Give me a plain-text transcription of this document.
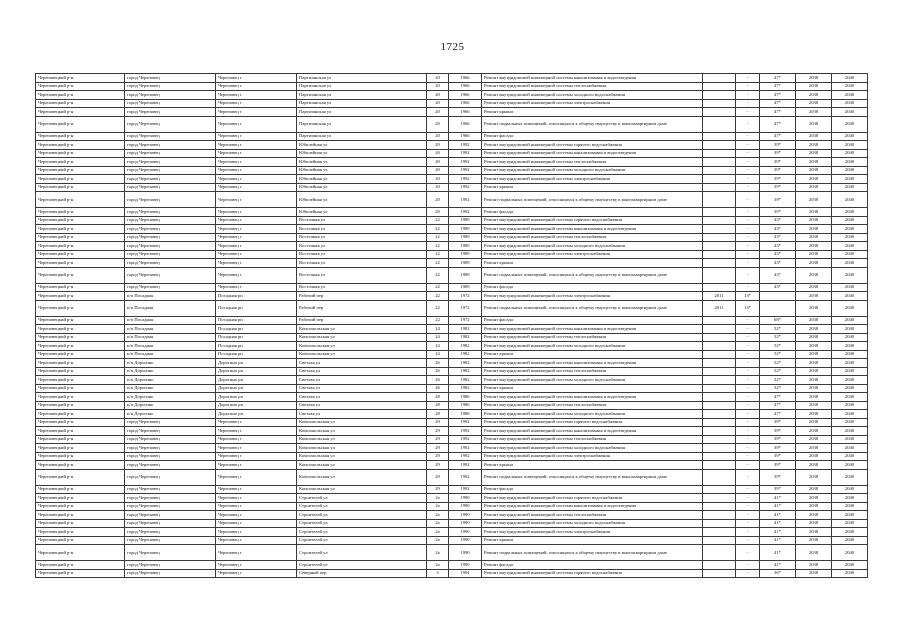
1725
Череповецкий р-н	город Череповец	Череповец г	Партизанская ул	20	1966	Ремонт внутридомовой инженерной системы канализования и водоотведения		-	47*	2038	2040
Череповецкий р-н	город Череповец	Череповец г	Партизанская ул	20	1966	Ремонт внутридомовой инженерной системы теплоснабжения		-	47*	2038	2040
Череповецкий р-н	город Череповец	Череповец г	Партизанская ул	20	1966	Ремонт внутридомовой инженерной системы холодного водоснабжения		-	47*	2038	2040
Череповецкий р-н	город Череповец	Череповец г	Партизанская ул	20	1966	Ремонт внутридомовой инженерной системы электроснабжения		-	47*	2038	2040
Череповецкий р-н	город Череповец	Череповец г	Партизанская ул	20	1966	Ремонт крыши		-	47*	2038	2040
Череповецкий р-н	город Череповец	Череповец г	Партизанская ул	20	1966	Ремонт подвальных помещений, относящихся к общему имуществу в многоквартирном доме		-	47*	2038	2040
Череповецкий р-н	город Череповец	Череповец г	Партизанская ул	20	1966	Ремонт фасада		-	47*	2038	2040
Череповецкий р-н	город Череповец	Череповец г	Юбилейная ул	20	1992	Ремонт внутридомовой инженерной системы горячего водоснабжения		-	39*	2038	2040
Череповецкий р-н	город Череповец	Череповец г	Юбилейная ул	20	1992	Ремонт внутридомовой инженерной системы канализования и водоотведения		-	39*	2038	2040
Череповецкий р-н	город Череповец	Череповец г	Юбилейная ул	20	1992	Ремонт внутридомовой инженерной системы теплоснабжения		-	39*	2038	2040
Череповецкий р-н	город Череповец	Череповец г	Юбилейная ул	20	1992	Ремонт внутридомовой инженерной системы холодного водоснабжения		-	39*	2038	2040
Череповецкий р-н	город Череповец	Череповец г	Юбилейная ул	20	1992	Ремонт внутридомовой инженерной системы электроснабжения		-	39*	2038	2040
Череповецкий р-н	город Череповец	Череповец г	Юбилейная ул	20	1992	Ремонт крыши		-	39*	2038	2040
Череповецкий р-н	город Череповец	Череповец г	Юбилейная ул	20	1992	Ремонт подвальных помещений, относящихся к общему имуществу в многоквартирном доме		-	39*	2038	2040
Череповецкий р-н	город Череповец	Череповец г	Юбилейная ул	20	1992	Ремонт фасада		-	39*	2038	2040
Череповецкий р-н	город Череповец	Череповец г	Восточная ул	22	1989	Ремонт внутридомовой инженерной системы горячего водоснабжения		-	43*	2038	2040
Череповецкий р-н	город Череповец	Череповец г	Восточная ул	22	1989	Ремонт внутридомовой инженерной системы канализования и водоотведения		-	43*	2038	2040
Череповецкий р-н	город Череповец	Череповец г	Восточная ул	22	1989	Ремонт внутридомовой инженерной системы теплоснабжения		-	43*	2038	2040
Череповецкий р-н	город Череповец	Череповец г	Восточная ул	22	1989	Ремонт внутридомовой инженерной системы холодного водоснабжения		-	43*	2038	2040
Череповецкий р-н	город Череповец	Череповец г	Восточная ул	22	1989	Ремонт внутридомовой инженерной системы электроснабжения		-	43*	2038	2040
Череповецкий р-н	город Череповец	Череповец г	Восточная ул	22	1989	Ремонт крыши		-	43*	2038	2040
Череповецкий р-н	город Череповец	Череповец г	Восточная ул	22	1989	Ремонт подвальных помещений, относящихся к общему имуществу в многоквартирном доме		-	43*	2038	2040
Череповецкий р-н	город Череповец	Череповец г	Восточная ул	22	1989	Ремонт фасада		-	43*	2038	2040
Череповецкий р-н	п/п Посадная	Посадная рп	Рабочий пер	22	1972	Ремонт внутридомовой инженерной системы электроснабжения	2011	13*		2038	2040
Череповецкий р-н	п/п Посадная	Посадная рп	Рабочий пер	22	1972	Ремонт подвальных помещений, относящихся к общему имуществу в многоквартирном доме	2011	13*		2038	2040
Череповецкий р-н	п/п Посадная	Посадная рп	Рабочий пер	22	1972	Ремонт фасада		-	68*	2038	2040
Череповецкий р-н	п/п Посадная	Посадная рп	Комсомольская ул	24	1982	Ремонт внутридомовой инженерной системы канализования и водоотведения		-	52*	2038	2040
Череповецкий р-н	п/п Посадная	Посадная рп	Комсомольская ул	24	1982	Ремонт внутридомовой инженерной системы теплоснабжения		-	52*	2038	2040
Череповецкий р-н	п/п Посадная	Посадная рп	Комсомольская ул	24	1982	Ремонт внутридомовой инженерной системы холодного водоснабжения		-	52*	2038	2040
Череповецкий р-н	п/п Посадная	Посадная рп	Комсомольская ул	24	1982	Ремонт крыши		-	52*	2038	2040
Череповецкий р-н	п/п Дорогино	Дорогино рп	Светлая ул	26	1982	Ремонт внутридомовой инженерной системы канализования и водоотведения		-	52*	2038	2040
Череповецкий р-н	п/п Дорогино	Дорогино рп	Светлая ул	26	1982	Ремонт внутридомовой инженерной системы теплоснабжения		-	52*	2038	2040
Череповецкий р-н	п/п Дорогино	Дорогино рп	Светлая ул	26	1982	Ремонт внутридомовой инженерной системы холодного водоснабжения		-	52*	2038	2040
Череповецкий р-н	п/п Дорогино	Дорогино рп	Светлая ул	26	1982	Ремонт крыши		-	52*	2038	2040
Череповецкий р-н	п/п Дорогино	Дорогино рп	Светлая ул	28	1986	Ремонт внутридомовой инженерной системы канализования и водоотведения		-	47*	2038	2040
Череповецкий р-н	п/п Дорогино	Дорогино рп	Светлая ул	28	1986	Ремонт внутридомовой инженерной системы теплоснабжения		-	47*	2038	2040
Череповецкий р-н	п/п Дорогино	Дорогино рп	Светлая ул	28	1986	Ремонт внутридомовой инженерной системы холодного водоснабжения		-	47*	2038	2040
Череповецкий р-н	город Череповец	Череповец г	Комсомольская ул	29	1992	Ремонт внутридомовой инженерной системы горячего водоснабжения		-	39*	2038	2040
Череповецкий р-н	город Череповец	Череповец г	Комсомольская ул	29	1992	Ремонт внутридомовой инженерной системы канализования и водоотведения		-	39*	2038	2040
Череповецкий р-н	город Череповец	Череповец г	Комсомольская ул	29	1992	Ремонт внутридомовой инженерной системы теплоснабжения		-	39*	2038	2040
Череповецкий р-н	город Череповец	Череповец г	Комсомольская ул	29	1992	Ремонт внутридомовой инженерной системы холодного водоснабжения		-	39*	2038	2040
Череповецкий р-н	город Череповец	Череповец г	Комсомольская ул	29	1992	Ремонт внутридомовой инженерной системы электроснабжения		-	39*	2038	2040
Череповецкий р-н	город Череповец	Череповец г	Комсомольская ул	29	1992	Ремонт крыши		-	39*	2038	2040
Череповецкий р-н	город Череповец	Череповец г	Комсомольская ул	29	1992	Ремонт подвальных помещений, относящихся к общему имуществу в многоквартирном доме		-	39*	2038	2040
Череповецкий р-н	город Череповец	Череповец г	Комсомольская ул	29	1992	Ремонт фасада		-	39*	2038	2040
Череповецкий р-н	город Череповец	Череповец г	Строителей ул	2а	1990	Ремонт внутридомовой инженерной системы горячего водоснабжения		-	41*	2038	2040
Череповецкий р-н	город Череповец	Череповец г	Строителей ул	2а	1990	Ремонт внутридомовой инженерной системы канализования и водоотведения		-	41*	2038	2040
Череповецкий р-н	город Череповец	Череповец г	Строителей ул	2а	1990	Ремонт внутридомовой инженерной системы теплоснабжения		-	41*	2038	2040
Череповецкий р-н	город Череповец	Череповец г	Строителей ул	2а	1990	Ремонт внутридомовой инженерной системы холодного водоснабжения		-	41*	2038	2040
Череповецкий р-н	город Череповец	Череповец г	Строителей ул	2а	1990	Ремонт внутридомовой инженерной системы электроснабжения		-	41*	2038	2040
Череповецкий р-н	город Череповец	Череповец г	Строителей ул	2а	1990	Ремонт крыши		-	41*	2038	2040
Череповецкий р-н	город Череповец	Череповец г	Строителей ул	2а	1990	Ремонт подвальных помещений, относящихся к общему имуществу в многоквартирном доме		-	41*	2038	2040
Череповецкий р-н	город Череповец	Череповец г	Строителей ул	2а	1990	Ремонт фасада		-	41*	2038	2040
Череповецкий р-н	город Череповец	Череповец г	Северный пер	3	1994	Ремонт внутридомовой инженерной системы горячего водоснабжения		-	36*	2038	2040
